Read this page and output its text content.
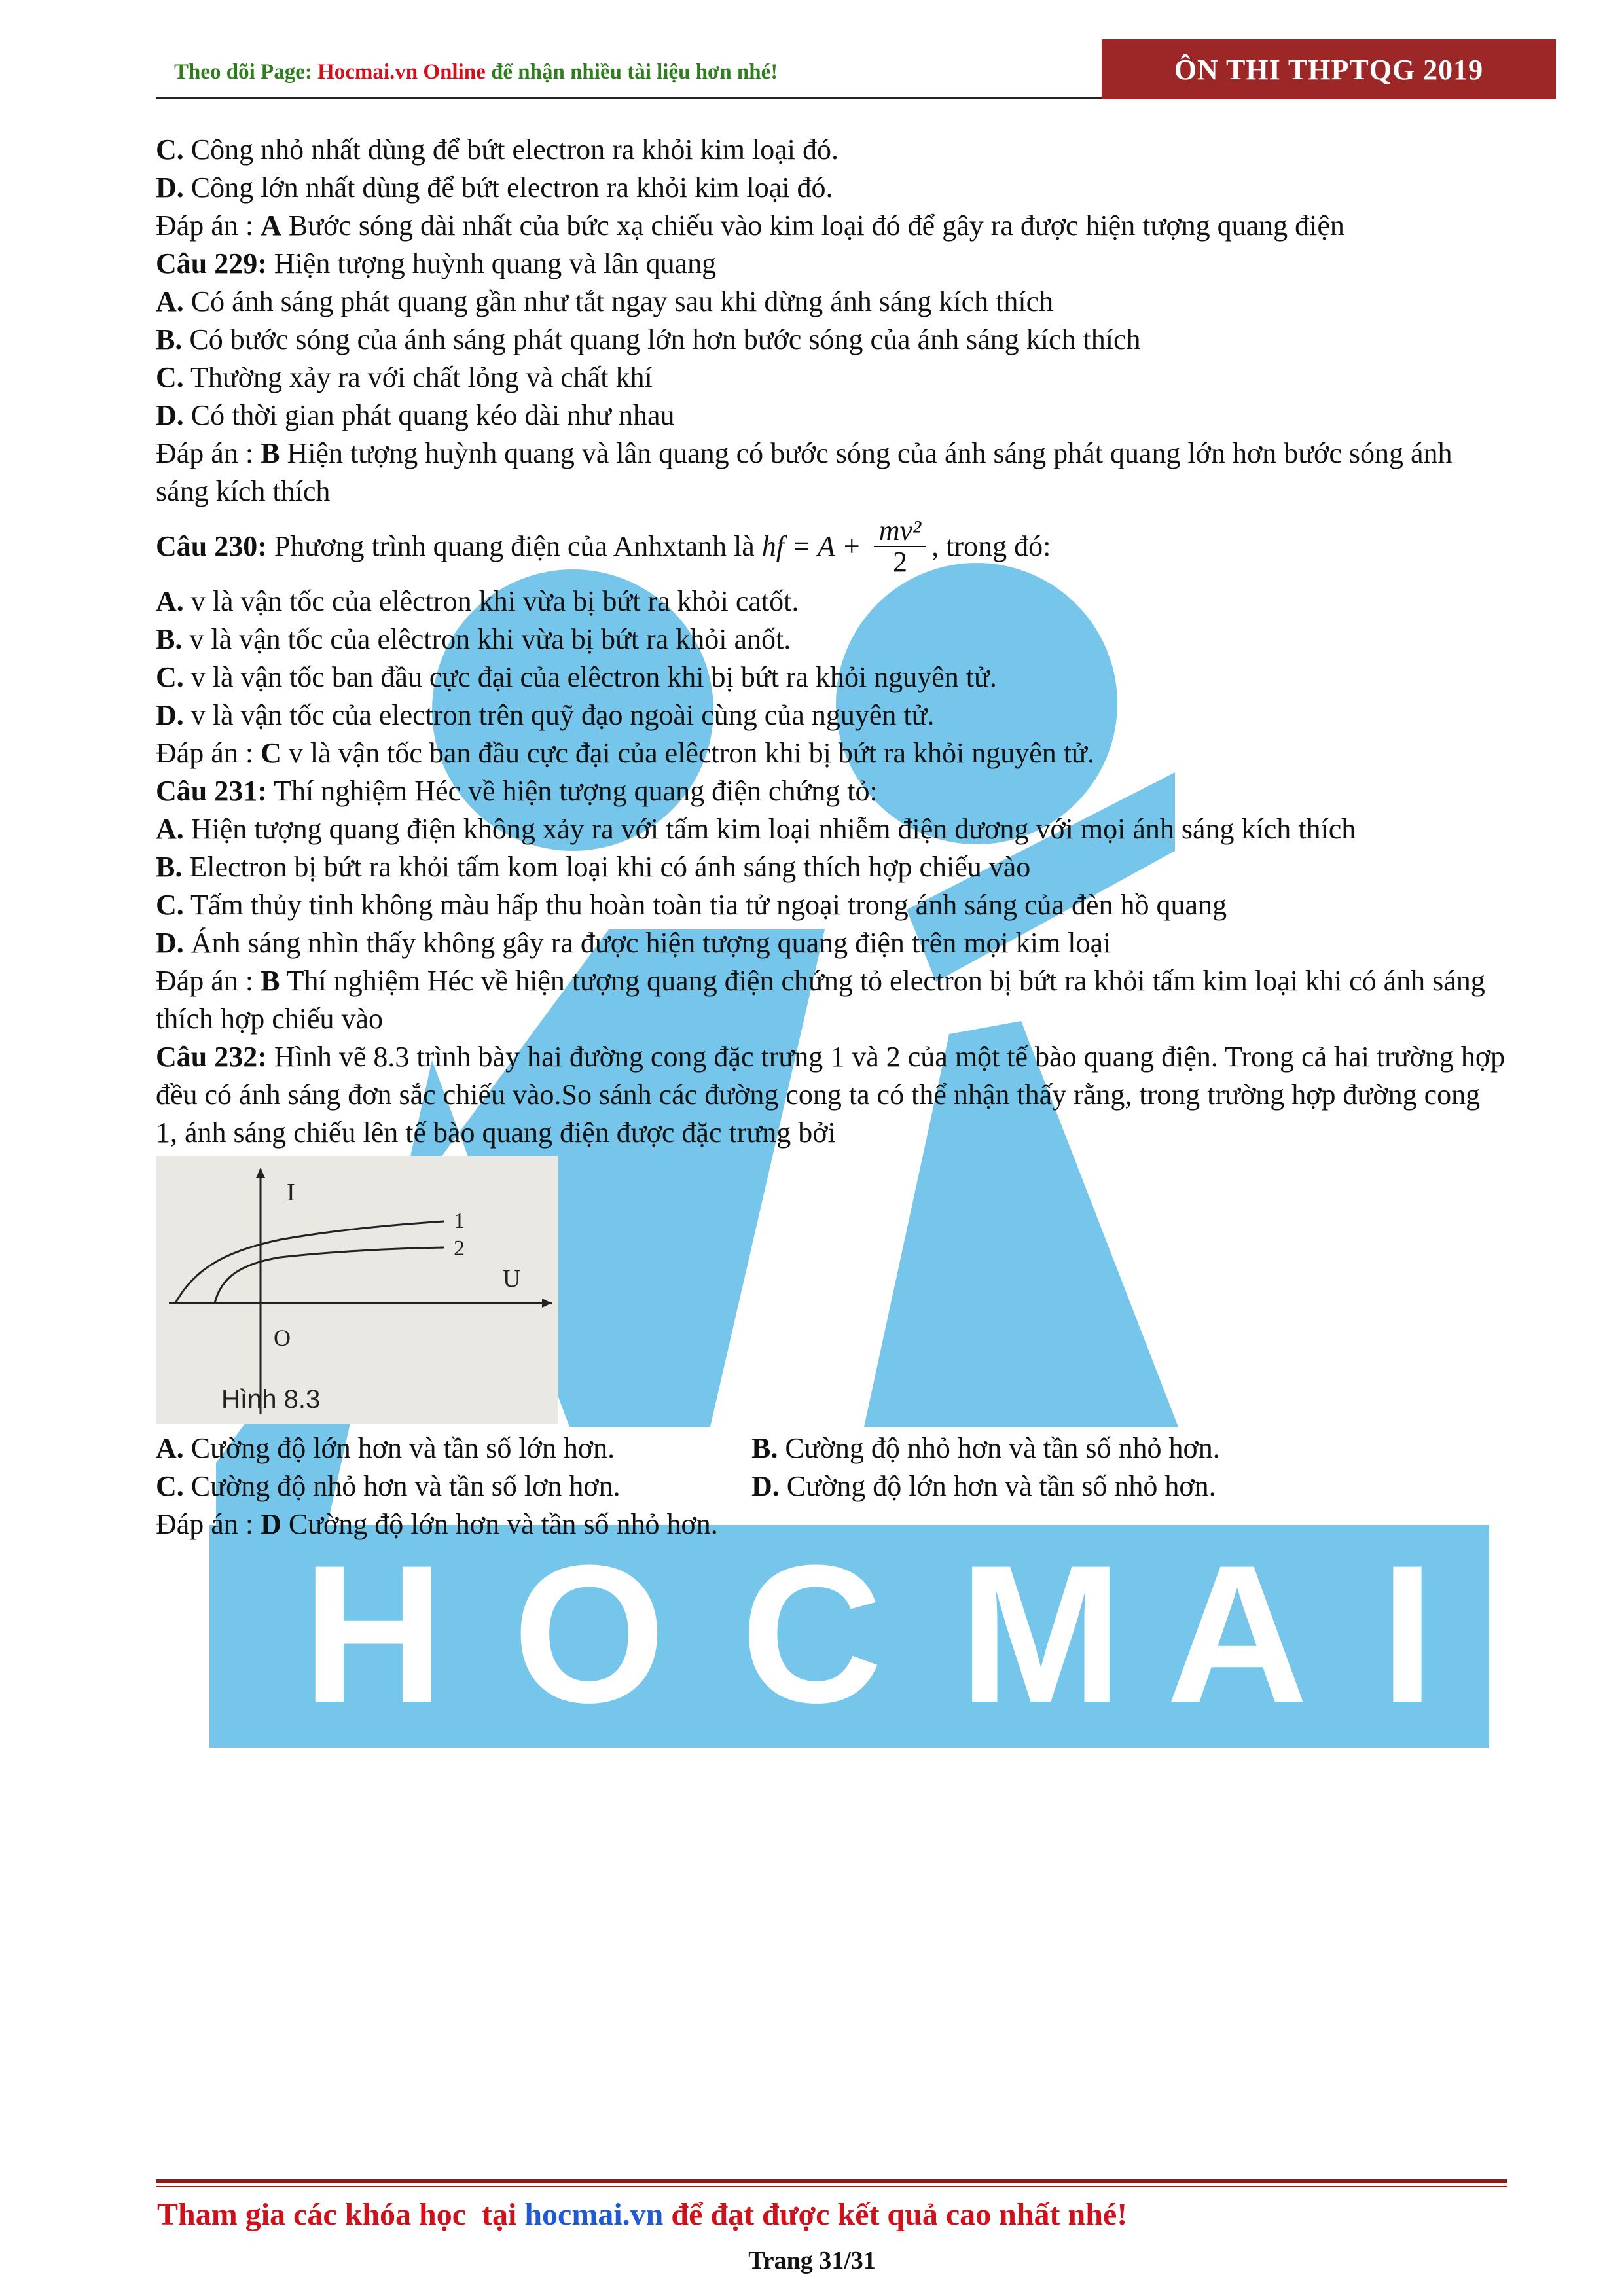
H O C M A I
Theo dõi Page: Hocmai.vn Online để nhận nhiều tài liệu hơn nhé!	ÔN THI THPTQG 2019

C. Công nhỏ nhất dùng để bứt electron ra khỏi kim loại đó.

D. Công lớn nhất dùng để bứt electron ra khỏi kim loại đó.

Đáp án : A Bước sóng dài nhất của bức xạ chiếu vào kim loại đó để gây ra được hiện tượng quang điện

Câu 229: Hiện tượng huỳnh quang và lân quang

A. Có ánh sáng phát quang gần như tắt ngay sau khi dừng ánh sáng kích thích

B. Có bước sóng của ánh sáng phát quang lớn hơn bước sóng của ánh sáng kích thích

C. Thường xảy ra với chất lỏng và chất khí

D. Có thời gian phát quang kéo dài như nhau

Đáp án : B Hiện tượng huỳnh quang và lân quang có bước sóng của ánh sáng phát quang lớn hơn bước sóng ánh sáng kích thích

Câu 230: Phương trình quang điện của Anhxtanh là hf = $A + \frac{\text{mv²}}{2}$ , trong đó:

A. v là vận tốc của elêctron khi vừa bị bứt ra khỏi catốt.

B. v là vận tốc của elêctron khi vừa bị bứt ra khỏi anốt.

C. v là vận tốc ban đầu cực đại của elêctron khi bị bứt ra khỏi nguyên tử.

D. v là vận tốc của electron trên quỹ đạo ngoài cùng của nguyên tử.

Đáp án : C v là vận tốc ban đầu cực đại của elêctron khi bị bứt ra khỏi nguyên tử.

Câu 231: Thí nghiệm Héc về hiện tượng quang điện chứng tỏ:

A. Hiện tượng quang điện không xảy ra với tấm kim loại nhiễm điện dương với mọi ánh sáng kích thích

B. Electron bị bứt ra khỏi tấm kom loại khi có ánh sáng thích hợp chiếu vào

C. Tấm thủy tinh không màu hấp thu hoàn toàn tia tử ngoại trong ánh sáng của đèn hồ quang

D. Ánh sáng nhìn thấy không gây ra được hiện tượng quang điện trên mọi kim loại

Đáp án : B Thí nghiệm Héc về hiện tượng quang điện chứng tỏ electron bị bứt ra khỏi tấm kim loại khi có ánh sáng thích hợp chiếu vào

Câu 232: Hình vẽ 8.3 trình bày hai đường cong đặc trưng 1 và 2 của một tế bào quang điện. Trong cả hai trường hợp đều có ánh sáng đơn sắc chiếu vào.So sánh các đường cong ta có thể nhận thấy rằng, trong trường hợp đường cong 1, ánh sáng chiếu lên tế bào quang điện được đặc trưng bởi

I
U
O
1
2
Hình 8.3

A. Cường độ lớn hơn và tần số lớn hơn.	B. Cường độ nhỏ hơn và tần số nhỏ hơn.

C. Cường độ nhỏ hơn và tần số lơn hơn.	D. Cường độ lớn hơn và tần số nhỏ hơn.

Đáp án : D Cường độ lớn hơn và tần số nhỏ hơn.

Tham gia các khóa học  tại hocmai.vn để đạt được kết quả cao nhất nhé!
Trang 31/31
